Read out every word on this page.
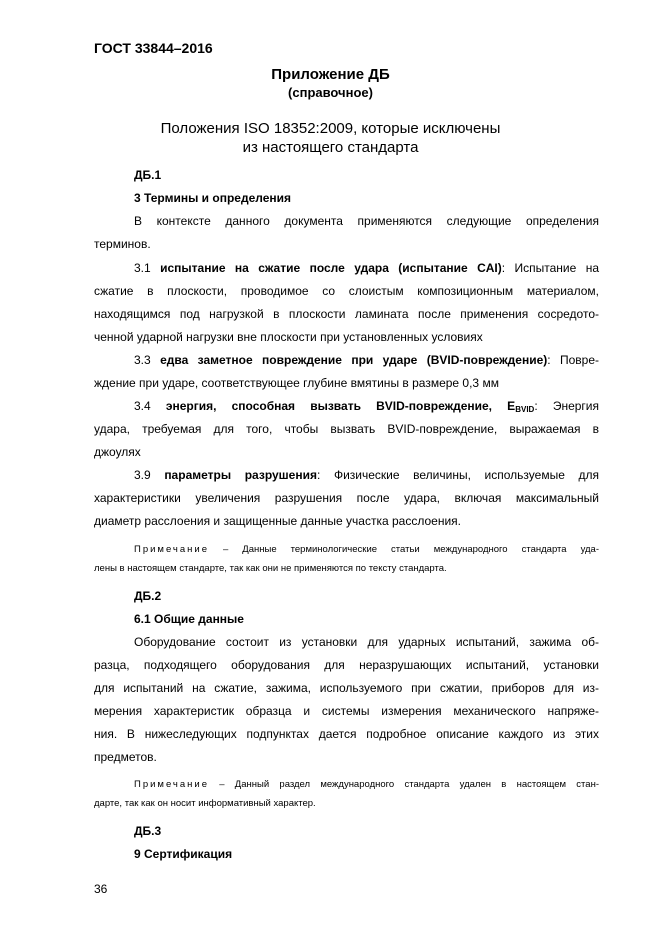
ГОСТ 33844–2016
Приложение ДБ
(справочное)
Положения ISO 18352:2009, которые исключены
из настоящего стандарта
ДБ.1
3 Термины и определения
В контексте данного документа применяются следующие определения
терминов.
3.1 испытание на сжатие после удара (испытание CAI): Испытание на
сжатие в плоскости, проводимое со слоистым композиционным материалом,
находящимся под нагрузкой в плоскости ламината после применения сосредото-
ченной ударной нагрузки вне плоскости при установленных условиях
3.3 едва заметное повреждение при ударе (BVID-повреждение): Повре-
ждение при ударе, соответствующее глубине вмятины в размере 0,3 мм
3.4 энергия, способная вызвать BVID-повреждение, $E_{BVID}$: Энергия
удара, требуемая для того, чтобы вызвать BVID-повреждение, выражаемая в
джоулях
3.9 параметры разрушения: Физические величины, используемые для
характеристики увеличения разрушения после удара, включая максимальный
диаметр расслоения и защищенные данные участка расслоения.
Примечание – Данные терминологические статьи международного стандарта уда-
лены в настоящем стандарте, так как они не применяются по тексту стандарта.
ДБ.2
6.1 Общие данные
Оборудование состоит из установки для ударных испытаний, зажима об-
разца, подходящего оборудования для неразрушающих испытаний, установки
для испытаний на сжатие, зажима, используемого при сжатии, приборов для из-
мерения характеристик образца и системы измерения механического напряже-
ния. В нижеследующих подпунктах дается подробное описание каждого из этих
предметов.
Примечание – Данный раздел международного стандарта удален в настоящем стан-
дарте, так как он носит информативный характер.
ДБ.3
9 Сертификация
36
